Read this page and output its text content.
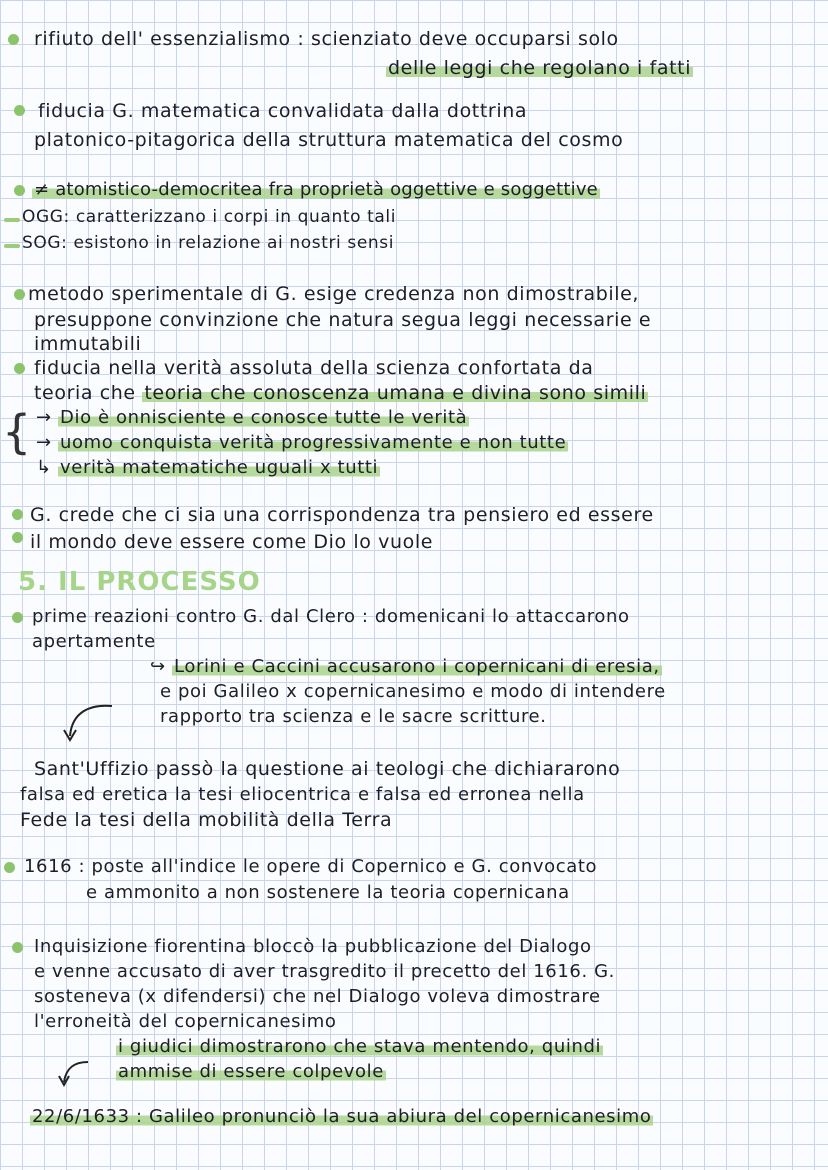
rifiuto dell' essenzialismo : scienziato deve occuparsi solo
delle leggi che regolano i fatti
fiducia G. matematica convalidata dalla dottrina
platonico-pitagorica della struttura matematica del cosmo
≠ atomistico-democritea fra proprietà oggettive e soggettive
OGG: caratterizzano i corpi in quanto tali
SOG: esistono in relazione ai nostri sensi
metodo sperimentale di G. esige credenza non dimostrabile,
presuppone convinzione che natura segua leggi necessarie e
immutabili
fiducia nella verità assoluta della scienza confortata da
teoria che teoria che conoscenza umana e divina sono simili
{ → Dio è onnisciente e conosce tutte le verità
→ uomo conquista verità progressivamente e non tutte
↳ verità matematiche uguali x tutti
G. crede che ci sia una corrispondenza tra pensiero ed essere
il mondo deve essere come Dio lo vuole
5. IL PROCESSO
prime reazioni contro G. dal Clero : domenicani lo attaccarono
apertamente
↪ Lorini e Caccini accusarono i copernicani di eresia,
e poi Galileo x copernicanesimo e modo di intendere
rapporto tra scienza e le sacre scritture.
Sant'Uffizio passò la questione ai teologi che dichiararono
falsa ed eretica la tesi eliocentrica e falsa ed erronea nella
Fede la tesi della mobilità della Terra
1616 : poste all'indice le opere di Copernico e G. convocato
e ammonito a non sostenere la teoria copernicana
Inquisizione fiorentina bloccò la pubblicazione del Dialogo
e venne accusato di aver trasgredito il precetto del 1616. G.
sosteneva (x difendersi) che nel Dialogo voleva dimostrare
l'erroneità del copernicanesimo
i giudici dimostrarono che stava mentendo, quindi
ammise di essere colpevole
22/6/1633 : Galileo pronunciò la sua abiura del copernicanesimo
